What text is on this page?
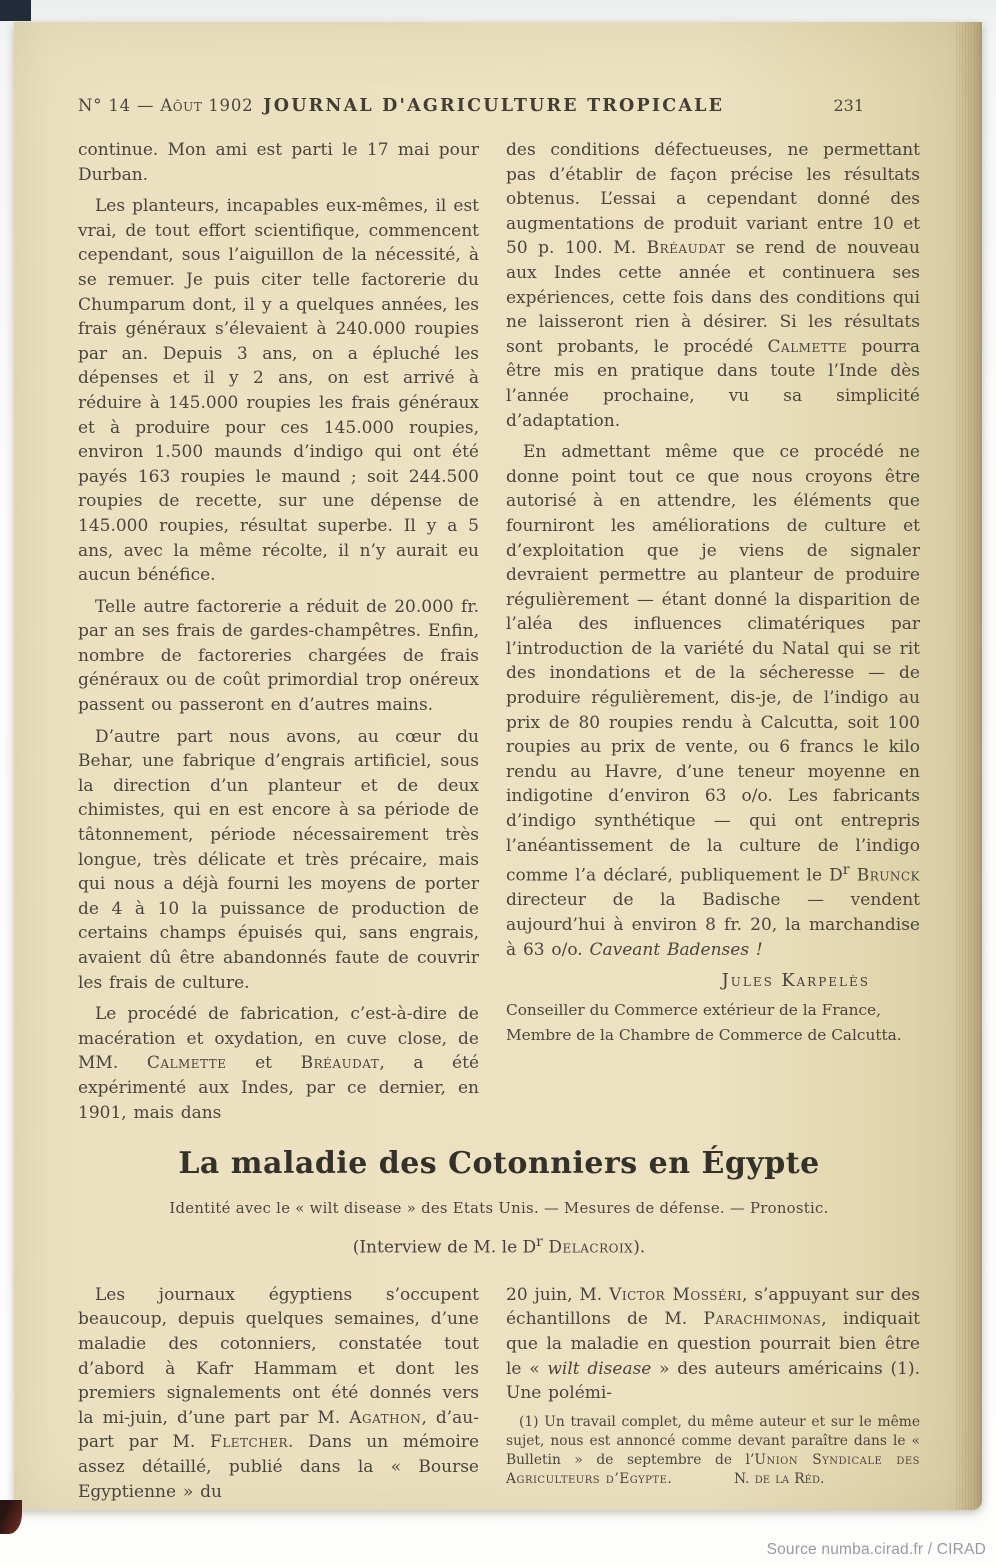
N° 14 — Aôut 1902 JOURNAL D'AGRICULTURE TROPICALE	231

continue. Mon ami est parti le 17 mai pour Durban.

Les planteurs, incapables eux-mêmes, il est vrai, de tout effort scientifique, commencent cependant, sous l’aiguillon de la nécessité, à se remuer. Je puis citer telle factorerie du Chumparum dont, il y a quelques années, les frais généraux s’élevaient à 240.000 roupies par an. Depuis 3 ans, on a épluché les dépenses et il y 2 ans, on est arrivé à réduire à 145.000 roupies les frais généraux et à produire pour ces 145.000 roupies, environ 1.500 maunds d’indigo qui ont été payés 163 roupies le maund ; soit 244.500 roupies de recette, sur une dépense de 145.000 roupies, résultat superbe. Il y a 5 ans, avec la même récolte, il n’y aurait eu aucun bénéfice.

Telle autre factorerie a réduit de 20.000 fr. par an ses frais de gardes-champêtres. Enfin, nombre de factoreries chargées de frais généraux ou de coût primordial trop onéreux passent ou passeront en d’autres mains.

D’autre part nous avons, au cœur du Behar, une fabrique d’engrais artificiel, sous la direction d’un planteur et de deux chimistes, qui en est encore à sa période de tâtonnement, période nécessairement très longue, très délicate et très précaire, mais qui nous a déjà fourni les moyens de porter de 4 à 10 la puissance de production de certains champs épuisés qui, sans engrais, avaient dû être abandonnés faute de couvrir les frais de culture.

Le procédé de fabrication, c’est-à-dire de macération et oxydation, en cuve close, de MM. Calmette et Bréaudat, a été expérimenté aux Indes, par ce dernier, en 1901, mais dans

des conditions défectueuses, ne permettant pas d’établir de façon précise les résultats obtenus. L’essai a cependant donné des augmentations de produit variant entre 10 et 50 p. 100. M. Bréaudat se rend de nouveau aux Indes cette année et continuera ses expériences, cette fois dans des conditions qui ne laisseront rien à désirer. Si les résultats sont probants, le procédé Calmette pourra être mis en pratique dans toute l’Inde dès l’année prochaine, vu sa simplicité d’adaptation.

En admettant même que ce procédé ne donne point tout ce que nous croyons être autorisé à en attendre, les éléments que fourniront les améliorations de culture et d’exploitation que je viens de signaler devraient permettre au planteur de produire régulièrement — étant donné la disparition de l’aléa des influences climatériques par l’introduction de la variété du Natal qui se rit des inondations et de la sécheresse — de produire régulièrement, dis-je, de l’indigo au prix de 80 roupies rendu à Calcutta, soit 100 roupies au prix de vente, ou 6 francs le kilo rendu au Havre, d’une teneur moyenne en indigotine d’environ 63 o/o. Les fabricants d’indigo synthétique — qui ont entrepris l’anéantissement de la culture de l’indigo comme l’a déclaré, publiquement le $D^r$ Brunck directeur de la Badische — vendent aujourd’hui à environ 8 fr. 20, la marchandise à 63 o/o. Caveant Badenses !

Jules Karpelès

Conseiller du Commerce extérieur de la France,

Membre de la Chambre de Commerce de Calcutta.

La maladie des Cotonniers en Égypte

Identité avec le « wilt disease » des Etats Unis. — Mesures de défense. — Pronostic.

(Interview de M. le $D^r$ Delacroix).

Les journaux égyptiens s’occupent beaucoup, depuis quelques semaines, d’une maladie des cotonniers, constatée tout d’abord à Kafr Hammam et dont les premiers signalements ont été donnés vers la mi-juin, d’une part par M. Agathon, d’au- part par M. Fletcher. Dans un mémoire assez détaillé, publié dans la « Bourse Egyptienne » du

20 juin, M. Victor Mosséri, s’appuyant sur des échantillons de M. Parachimonas, indiquait que la maladie en question pourrait bien être le « wilt disease » des auteurs américains (1). Une polémi-

(1) Un travail complet, du même auteur et sur le même sujet, nous est annoncé comme devant paraître dans le « Bulletin » de septembre de l’Union Syndicale des Agriculteurs d’Egypte.	N. de la Réd.

Source numba.cirad.fr / CIRAD
